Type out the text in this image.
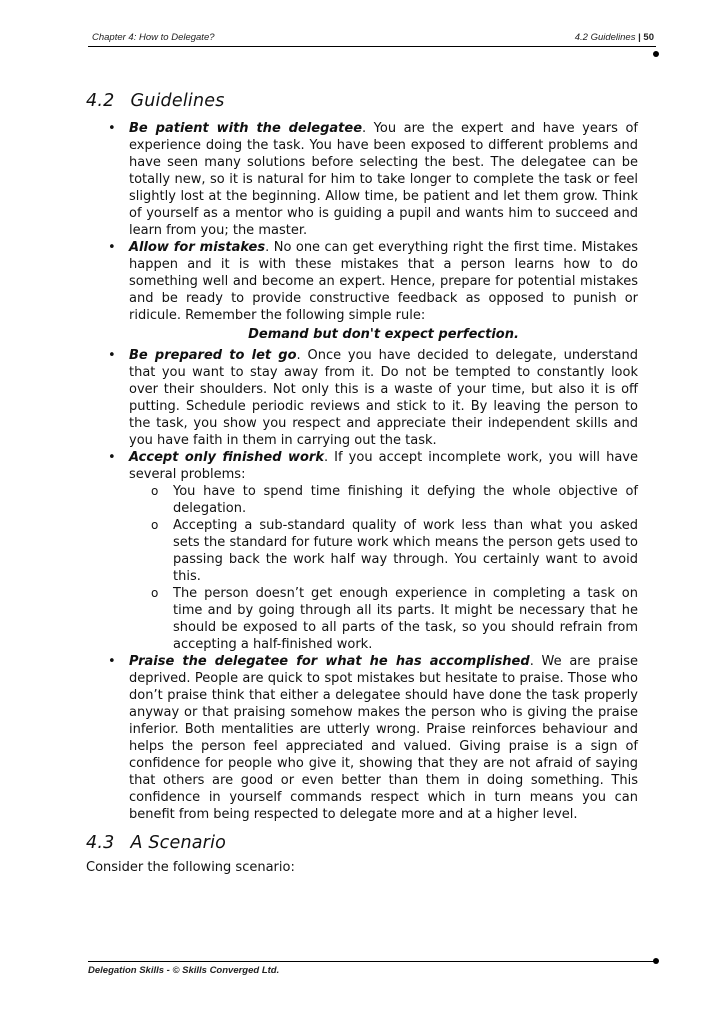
Chapter 4: How to Delegate?	4.2 Guidelines | 50
4.2 Guidelines
• Be patient with the delegatee. You are the expert and have years of experience doing the task. You have been exposed to different problems and have seen many solutions before selecting the best. The delegatee can be totally new, so it is natural for him to take longer to complete the task or feel slightly lost at the beginning. Allow time, be patient and let them grow. Think of yourself as a mentor who is guiding a pupil and wants him to succeed and learn from you; the master.
• Allow for mistakes. No one can get everything right the first time. Mistakes happen and it is with these mistakes that a person learns how to do something well and become an expert. Hence, prepare for potential mistakes and be ready to provide constructive feedback as opposed to punish or ridicule. Remember the following simple rule:
Demand but don't expect perfection.
• Be prepared to let go. Once you have decided to delegate, understand that you want to stay away from it. Do not be tempted to constantly look over their shoulders. Not only this is a waste of your time, but also it is off putting. Schedule periodic reviews and stick to it. By leaving the person to the task, you show you respect and appreciate their independent skills and you have faith in them in carrying out the task.
• Accept only finished work. If you accept incomplete work, you will have several problems:
o You have to spend time finishing it defying the whole objective of delegation.
o Accepting a sub-standard quality of work less than what you asked sets the standard for future work which means the person gets used to passing back the work half way through. You certainly want to avoid this.
o The person doesn’t get enough experience in completing a task on time and by going through all its parts. It might be necessary that he should be exposed to all parts of the task, so you should refrain from accepting a half-finished work.
• Praise the delegatee for what he has accomplished. We are praise deprived. People are quick to spot mistakes but hesitate to praise. Those who don’t praise think that either a delegatee should have done the task properly anyway or that praising somehow makes the person who is giving the praise inferior. Both mentalities are utterly wrong. Praise reinforces behaviour and helps the person feel appreciated and valued. Giving praise is a sign of confidence for people who give it, showing that they are not afraid of saying that others are good or even better than them in doing something. This confidence in yourself commands respect which in turn means you can benefit from being respected to delegate more and at a higher level.
4.3 A Scenario

Consider the following scenario:

Delegation Skills - © Skills Converged Ltd.
